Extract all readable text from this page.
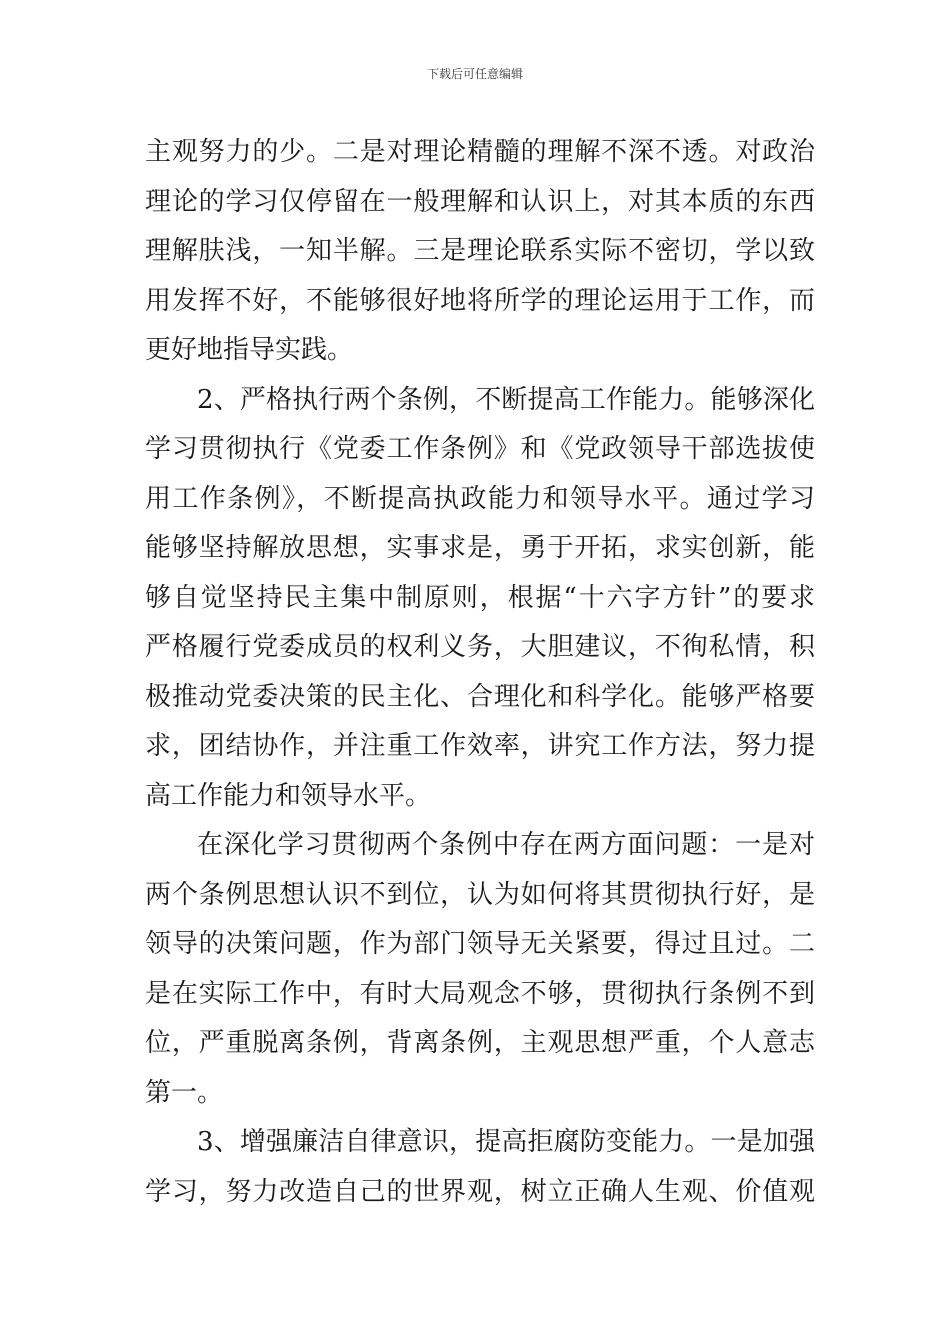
下载后可任意编辑
主观努力的少。二是对理论精髓的理解不深不透。对政治
理论的学习仅停留在一般理解和认识上，对其本质的东西
理解肤浅，一知半解。三是理论联系实际不密切，学以致
用发挥不好，不能够很好地将所学的理论运用于工作，而
更好地指导实践。
2、严格执行两个条例，不断提高工作能力。能够深化
学习贯彻执行《党委工作条例》和《党政领导干部选拔使
用工作条例》，不断提高执政能力和领导水平。通过学习
能够坚持解放思想，实事求是，勇于开拓，求实创新，能
够自觉坚持民主集中制原则，根据“十六字方针”的要求
严格履行党委成员的权利义务，大胆建议，不徇私情，积
极推动党委决策的民主化、合理化和科学化。能够严格要
求，团结协作，并注重工作效率，讲究工作方法，努力提
高工作能力和领导水平。
在深化学习贯彻两个条例中存在两方面问题：一是对
两个条例思想认识不到位，认为如何将其贯彻执行好，是
领导的决策问题，作为部门领导无关紧要，得过且过。二
是在实际工作中，有时大局观念不够，贯彻执行条例不到
位，严重脱离条例，背离条例，主观思想严重，个人意志
第一。
3、增强廉洁自律意识，提高拒腐防变能力。一是加强
学习，努力改造自己的世界观，树立正确人生观、价值观
